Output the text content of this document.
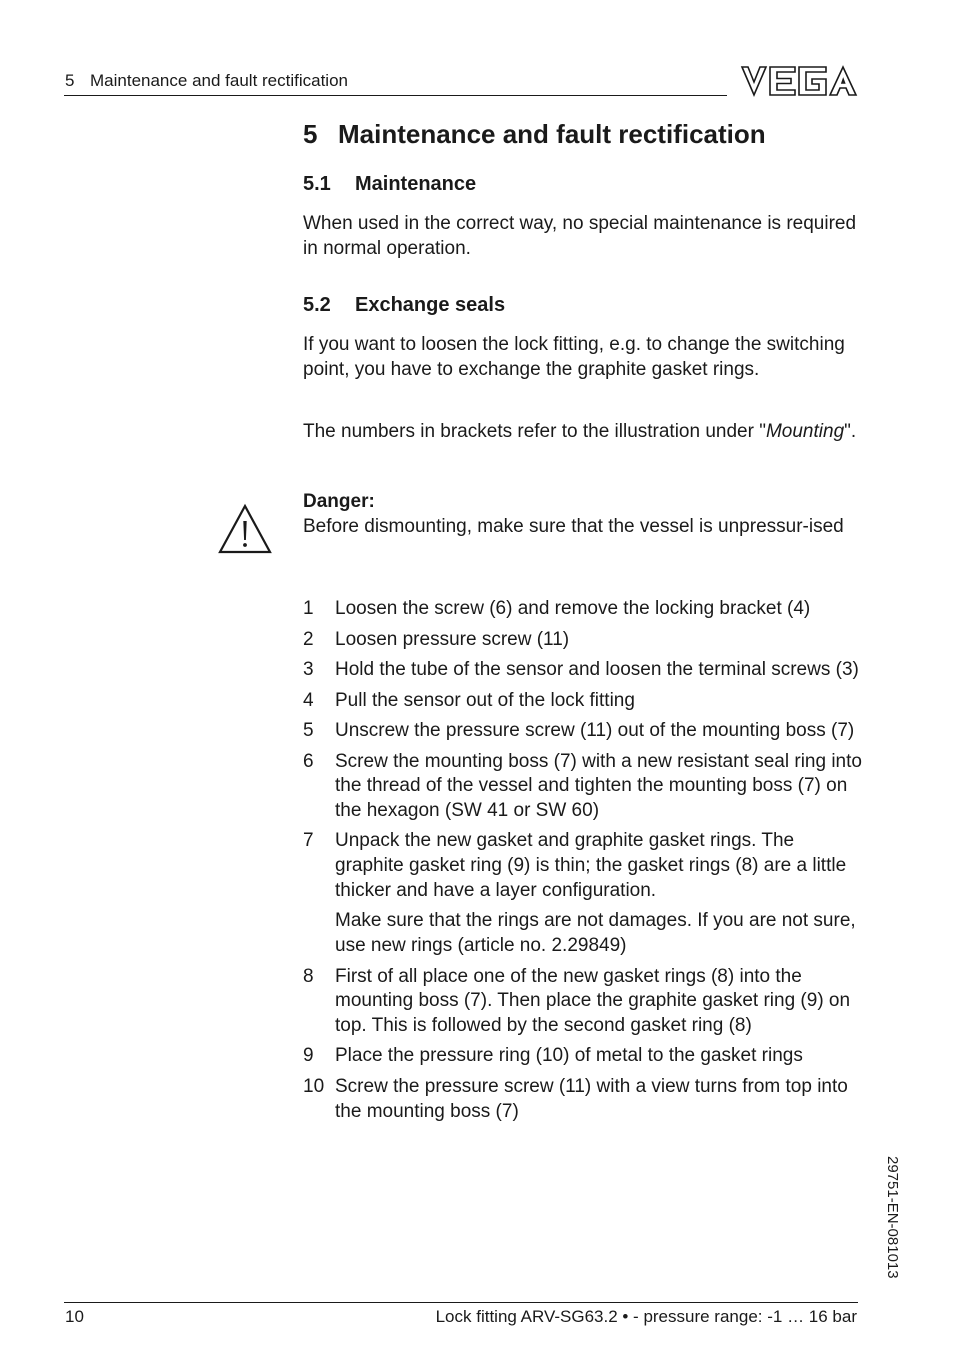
5 Maintenance and fault rectification
5 Maintenance and fault rectification
5.1 Maintenance
When used in the correct way, no special maintenance is required in normal operation.
5.2 Exchange seals
If you want to loosen the lock fitting, e.g. to change the switching point, you have to exchange the graphite gasket rings.
The numbers in brackets refer to the illustration under "Mounting".
Danger:
Before dismounting, make sure that the vessel is unpressur-ised
1	Loosen the screw (6) and remove the locking bracket (4)
2	Loosen pressure screw (11)
3	Hold the tube of the sensor and loosen the terminal screws (3)
4	Pull the sensor out of the lock fitting
5	Unscrew the pressure screw (11) out of the mounting boss (7)
6	Screw the mounting boss (7) with a new resistant seal ring into the thread of the vessel and tighten the mounting boss (7) on the hexagon (SW 41 or SW 60)
7	Unpack the new gasket and graphite gasket rings. The graphite gasket ring (9) is thin; the gasket rings (8) are a little thicker and have a layer configuration.
Make sure that the rings are not damages. If you are not sure, use new rings (article no. 2.29849)
8	First of all place one of the new gasket rings (8) into the mounting boss (7). Then place the graphite gasket ring (9) on top. This is followed by the second gasket ring (8)
9	Place the pressure ring (10) of metal to the gasket rings
10 Screw the pressure screw (11) with a view turns from top into the mounting boss (7)
29751-EN-081013
10	Lock fitting ARV-SG63.2 • - pressure range: -1 … 16 bar
